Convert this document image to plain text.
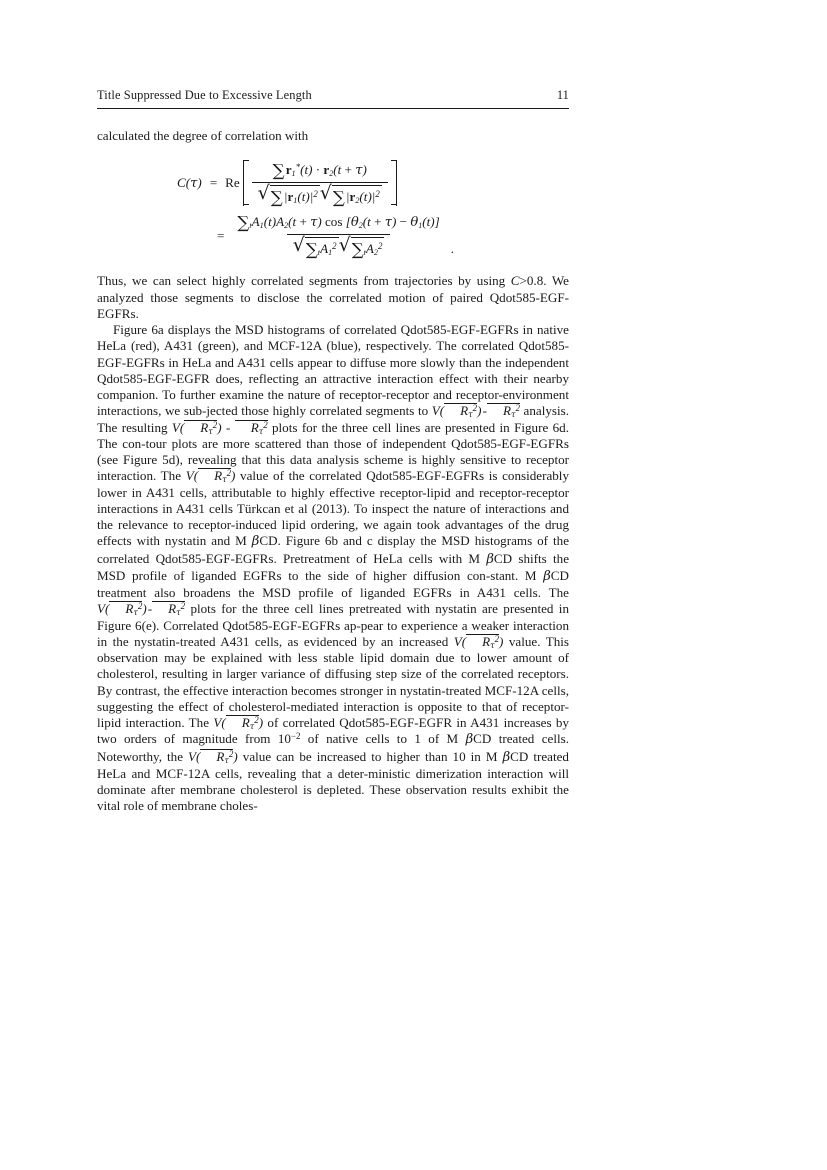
Title Suppressed Due to Excessive Length	11

calculated the degree of correlation with

C(τ) = Re $\frac{\sum r_1^*(t) \cdot r_2(t + \tau)}{√ \sum |r_1(t)|^2 √ \sum |r_2(t)|^2}$
= $\frac{\sum_tA_1(t)A_2(t + \tau) \cos [\theta_2(t + \tau) - \theta_1(t)]}{√ \sum_tA_1^2 √ \sum_tA_2^2}$ .

Thus, we can select highly correlated segments from trajectories by using C>0.8. We analyzed those segments to disclose the correlated motion of paired Qdot585-EGF-EGFRs.

Figure 6a displays the MSD histograms of correlated Qdot585-EGF-EGFRs in native HeLa (red), A431 (green), and MCF-12A (blue), respectively. The correlated Qdot585-EGF-EGFRs in HeLa and A431 cells appear to diffuse more slowly than the independent Qdot585-EGF-EGFR does, reflecting an attractive interaction effect with their nearby companion. To further examine the nature of receptor-receptor and receptor-environment interactions, we sub-jected those highly correlated segments to V( $R_\tau^2$) - $R_\tau^2$ analysis. The resulting V( $R_\tau^2) - R_\tau^2$ plots for the three cell lines are presented in Figure 6d. The con-tour plots are more scattered than those of independent Qdot585-EGF-EGFRs (see Figure 5d), revealing that this data analysis scheme is highly sensitive to receptor interaction. The V( $R_\tau^2$) value of the correlated Qdot585-EGF-EGFRs is considerably lower in A431 cells, attributable to highly effective receptor-lipid and receptor-receptor interactions in A431 cells Türkcan et al (2013). To inspect the nature of interactions and the relevance to receptor-induced lipid ordering, we again took advantages of the drug effects with nystatin and M βCD. Figure 6b and c display the MSD histograms of the correlated Qdot585-EGF-EGFRs. Pretreatment of HeLa cells with M βCD shifts the MSD profile of liganded EGFRs to the side of higher diffusion con-stant. M βCD treatment also broadens the MSD profile of liganded EGFRs in A431 cells. The V( $R_\tau^2$) - $R_\tau^2$ plots for the three cell lines pretreated with nystatin are presented in Figure 6(e). Correlated Qdot585-EGF-EGFRs ap-pear to experience a weaker interaction in the nystatin-treated A431 cells, as evidenced by an increased V( $R_\tau^2$) value. This observation may be explained with less stable lipid domain due to lower amount of cholesterol, resulting in larger variance of diffusing step size of the correlated receptors. By contrast, the effective interaction becomes stronger in nystatin-treated MCF-12A cells, suggesting the effect of cholesterol-mediated interaction is opposite to that of receptor-lipid interaction. The V( $R_\tau^2$) of correlated Qdot585-EGF-EGFR in A431 increases by two orders of magnitude from $10^{-2}$ of native cells to 1 of M βCD treated cells. Noteworthy, the V( $R_\tau^2$) value can be increased to higher than 10 in M βCD treated HeLa and MCF-12A cells, revealing that a deter-ministic dimerization interaction will dominate after membrane cholesterol is depleted. These observation results exhibit the vital role of membrane choles-
